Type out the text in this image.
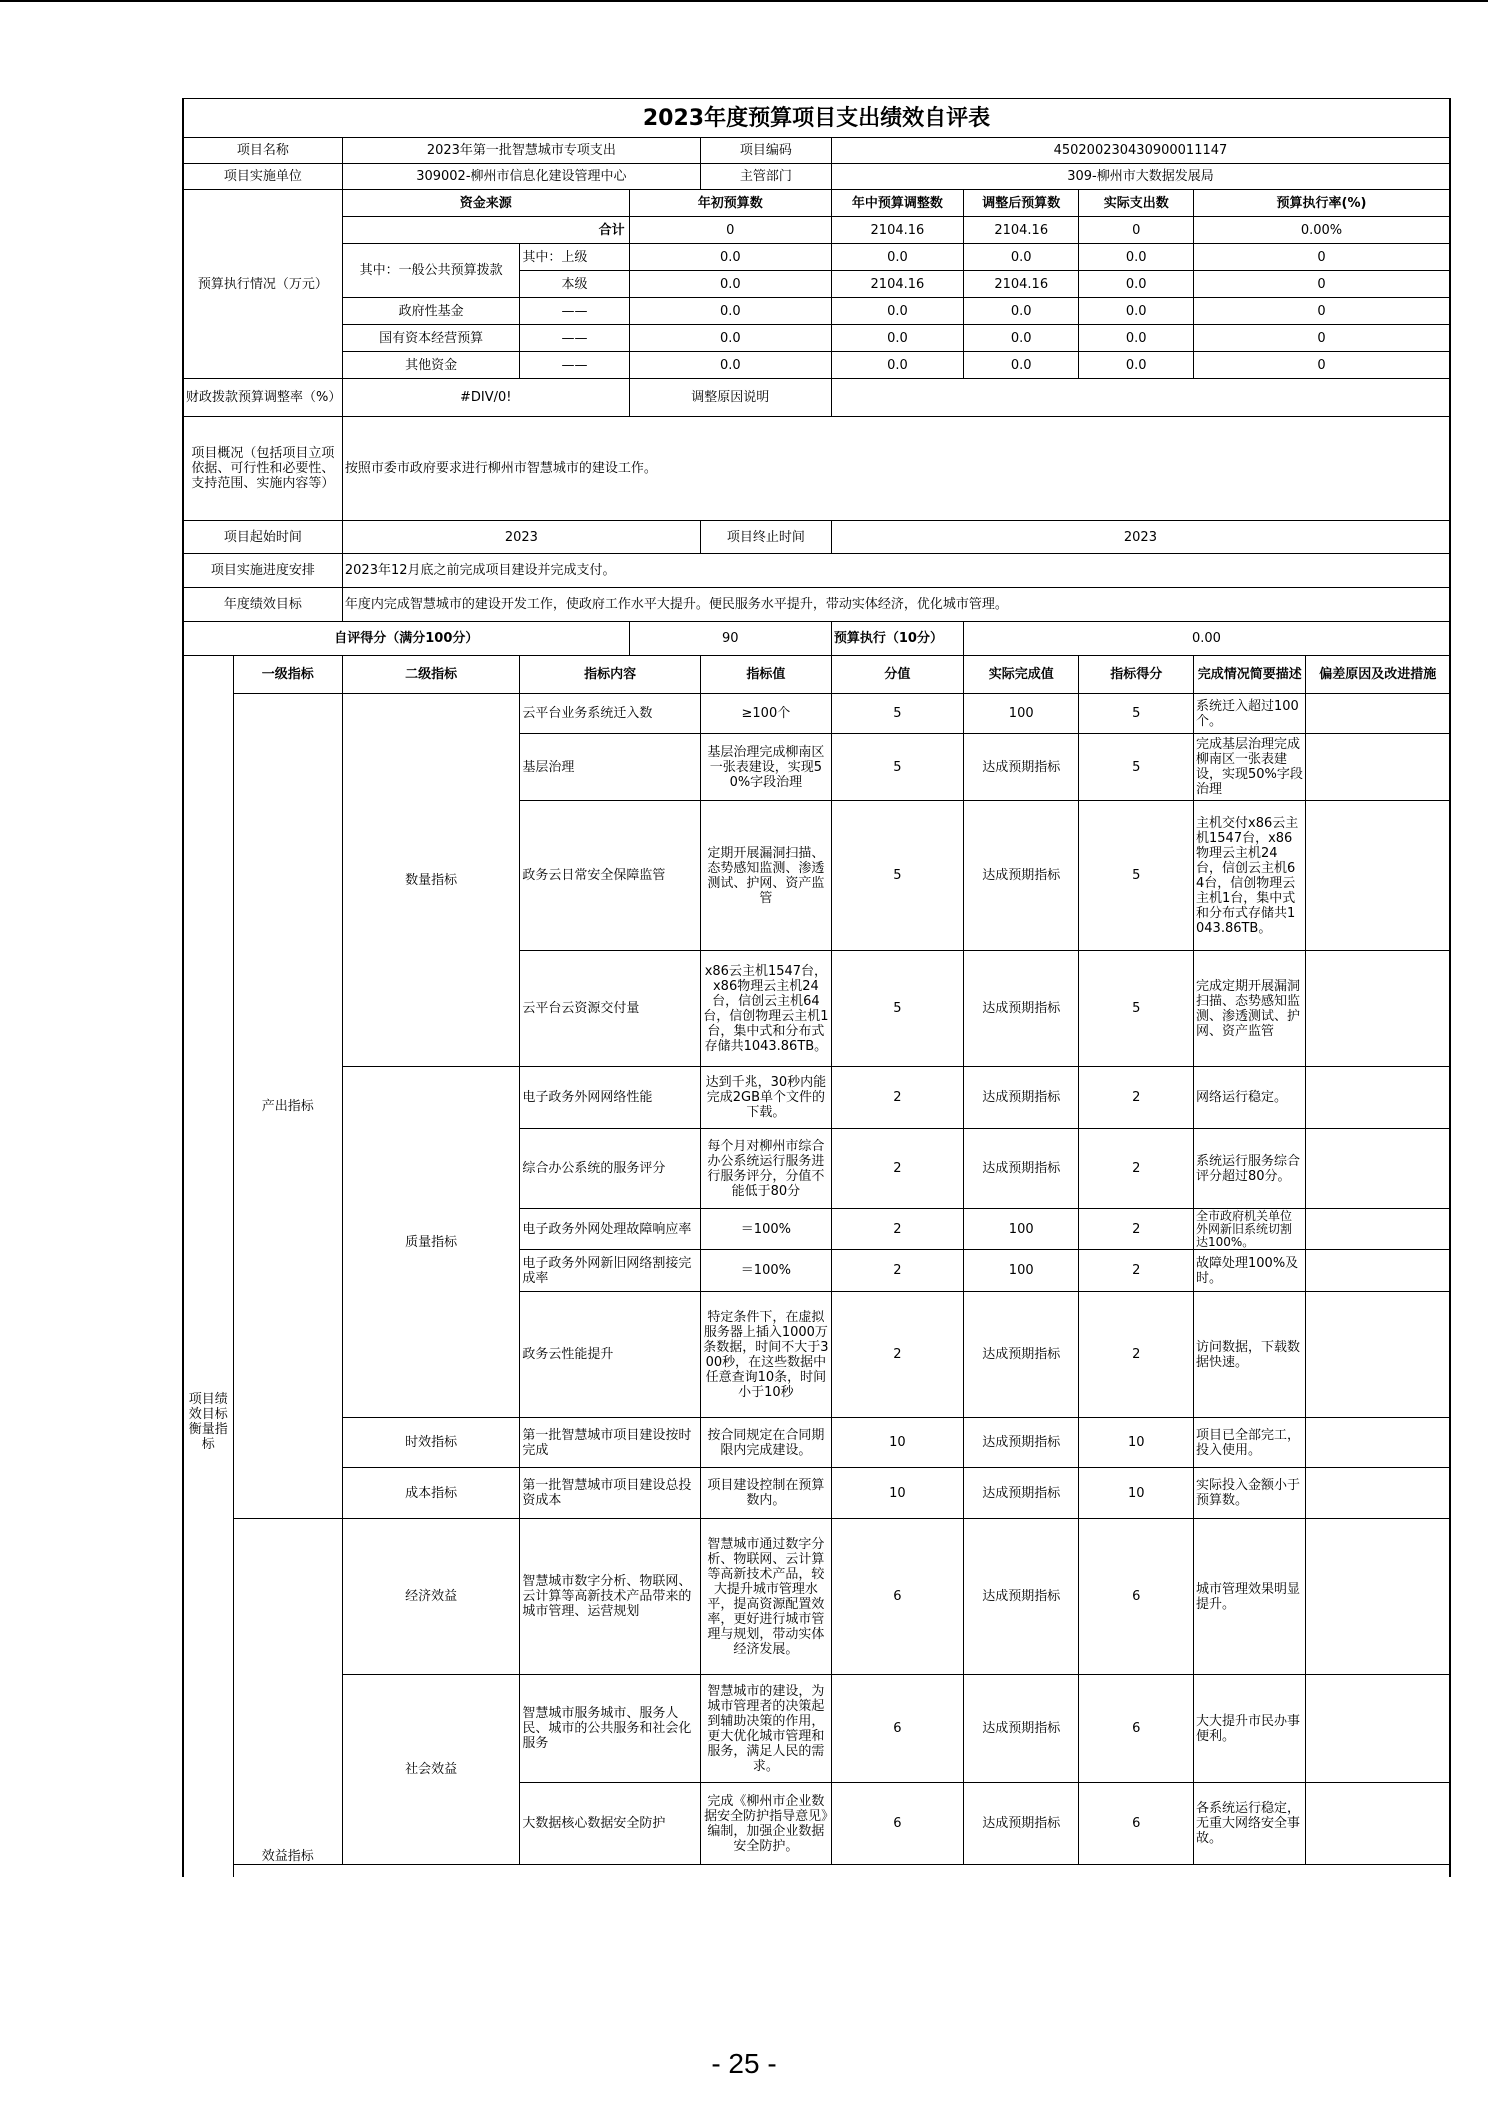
2023年度预算项目支出绩效自评表										
项目名称		2023年第一批智慧城市专项支出			项目编码	450200230430900011147				
项目实施单位		309002-柳州市信息化建设管理中心			主管部门	309-柳州市大数据发展局				
预算执行情况（万元）		资金来源		年初预算数		年中预算调整数	调整后预算数	实际支出数	预算执行率(%)	
		合计		0		2104.16	2104.16	0	0.00%	
		其中：一般公共预算拨款	其中：上级	0.0		0.0	0.0	0.0	0	
			本级	0.0		2104.16	2104.16	0.0	0	
		政府性基金	——	0.0		0.0	0.0	0.0	0	
		国有资本经营预算	——	0.0		0.0	0.0	0.0	0	
		其他资金	——	0.0		0.0	0.0	0.0	0	
财政拨款预算调整率（%）		#DIV/0!		调整原因说明						
项目概况（包括项目立项依据、可行性和必要性、支持范围、实施内容等）		按照市委市政府要求进行柳州市智慧城市的建设工作。								
项目起始时间		2023			项目终止时间	2023				
项目实施进度安排		2023年12月底之前完成项目建设并完成支付。								
年度绩效目标		年度内完成智慧城市的建设开发工作，使政府工作水平大提升。便民服务水平提升，带动实体经济，优化城市管理。								
自评得分（满分100分）				90		预算执行（10分）	0.00			
项目绩效目标衡量指标	一级指标	二级指标	指标内容		指标值	分值	实际完成值	指标得分	完成情况简要描述	偏差原因及改进措施
	产出指标	数量指标	云平台业务系统迁入数		≥100个	5	100	5	系统迁入超过100个。	
			基层治理		基层治理完成柳南区一张表建设，实现50%字段治理	5	达成预期指标	5	完成基层治理完成柳南区一张表建设，实现50%字段治理	
			政务云日常安全保障监管		定期开展漏洞扫描、态势感知监测、渗透测试、护网、资产监管	5	达成预期指标	5	主机交付x86云主机1547台，x86物理云主机24台，信创云主机64台，信创物理云主机1台，集中式和分布式存储共1043.86TB。	
			云平台云资源交付量		x86云主机1547台，x86物理云主机24台，信创云主机64台，信创物理云主机1台，集中式和分布式存储共1043.86TB。	5	达成预期指标	5	完成定期开展漏洞扫描、态势感知监测、渗透测试、护网、资产监管	
		质量指标	电子政务外网网络性能		达到千兆，30秒内能完成2GB单个文件的下载。	2	达成预期指标	2	网络运行稳定。	
			综合办公系统的服务评分		每个月对柳州市综合办公系统运行服务进行服务评分，分值不能低于80分	2	达成预期指标	2	系统运行服务综合评分超过80分。	
			电子政务外网处理故障响应率		＝100%	2	100	2	全市政府机关单位外网新旧系统切割达100%。	
			电子政务外网新旧网络割接完成率		＝100%	2	100	2	故障处理100%及时。	
			政务云性能提升		特定条件下，在虚拟服务器上插入1000万条数据，时间不大于300秒，在这些数据中任意查询10条，时间小于10秒	2	达成预期指标	2	访问数据，下载数据快速。	
		时效指标	第一批智慧城市项目建设按时完成		按合同规定在合同期限内完成建设。	10	达成预期指标	10	项目已全部完工，投入使用。	
		成本指标	第一批智慧城市项目建设总投资成本		项目建设控制在预算数内。	10	达成预期指标	10	实际投入金额小于预算数。	
	效益指标	经济效益	智慧城市数字分析、物联网、云计算等高新技术产品带来的城市管理、运营规划		智慧城市通过数字分析、物联网、云计算等高新技术产品，较大提升城市管理水平，提高资源配置效率，更好进行城市管理与规划，带动实体经济发展。	6	达成预期指标	6	城市管理效果明显提升。	
		社会效益	智慧城市服务城市、服务人民、城市的公共服务和社会化服务		智慧城市的建设，为城市管理者的决策起到辅助决策的作用，更大优化城市管理和服务，满足人民的需求。	6	达成预期指标	6	大大提升市民办事便利。	
			大数据核心数据安全防护		完成《柳州市企业数据安全防护指导意见》编制，加强企业数据安全防护。	6	达成预期指标	6	各系统运行稳定，无重大网络安全事故。	

- 25 -
